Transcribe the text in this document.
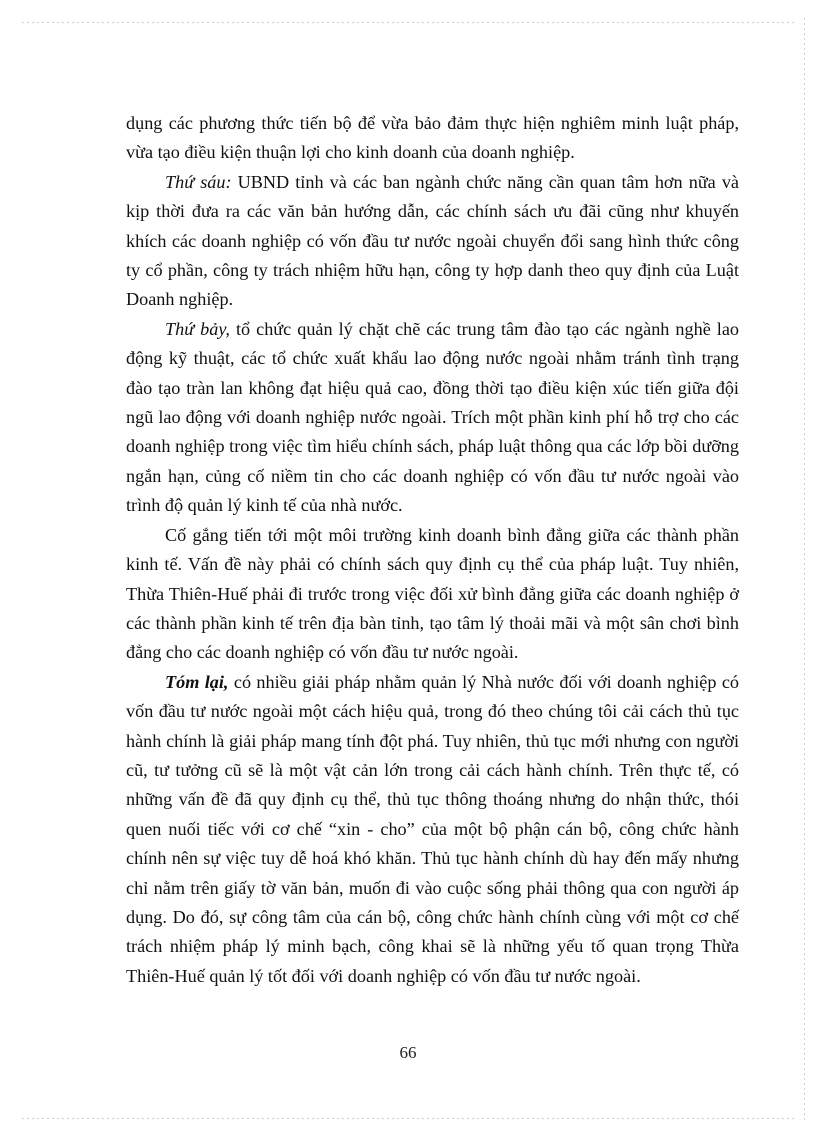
dụng các phương thức tiến bộ để vừa bảo đảm thực hiện nghiêm minh luật pháp, vừa tạo điều kiện thuận lợi cho kinh doanh của doanh nghiệp.

Thứ sáu: UBND tỉnh và các ban ngành chức năng cần quan tâm hơn nữa và kịp thời đưa ra các văn bản hướng dẫn, các chính sách ưu đãi cũng như khuyến khích các doanh nghiệp có vốn đầu tư nước ngoài chuyển đổi sang hình thức công ty cổ phần, công ty trách nhiệm hữu hạn, công ty hợp danh theo quy định của Luật Doanh nghiệp.

Thứ bảy, tổ chức quản lý chặt chẽ các trung tâm đào tạo các ngành nghề lao động kỹ thuật, các tổ chức xuất khẩu lao động nước ngoài nhằm tránh tình trạng đào tạo tràn lan không đạt hiệu quả cao, đồng thời tạo điều kiện xúc tiến giữa đội ngũ lao động với doanh nghiệp nước ngoài. Trích một phần kinh phí hỗ trợ cho các doanh nghiệp trong việc tìm hiểu chính sách, pháp luật thông qua các lớp bồi dưỡng ngắn hạn, củng cố niềm tin cho các doanh nghiệp có vốn đầu tư nước ngoài vào trình độ quản lý kinh tế của nhà nước.

Cố gắng tiến tới một môi trường kinh doanh bình đẳng giữa các thành phần kinh tế. Vấn đề này phải có chính sách quy định cụ thể của pháp luật. Tuy nhiên, Thừa Thiên-Huế phải đi trước trong việc đối xử bình đẳng giữa các doanh nghiệp ở các thành phần kinh tế trên địa bàn tỉnh, tạo tâm lý thoải mãi và một sân chơi bình đẳng cho các doanh nghiệp có vốn đầu tư nước ngoài.

Tóm lại, có nhiều giải pháp nhằm quản lý Nhà nước đối với doanh nghiệp có vốn đầu tư nước ngoài một cách hiệu quả, trong đó theo chúng tôi cải cách thủ tục hành chính là giải pháp mang tính đột phá. Tuy nhiên, thủ tục mới nhưng con người cũ, tư tưởng cũ sẽ là một vật cản lớn trong cải cách hành chính. Trên thực tế, có những vấn đề đã quy định cụ thể, thủ tục thông thoáng nhưng do nhận thức, thói quen nuối tiếc với cơ chế “xin - cho” của một bộ phận cán bộ, công chức hành chính nên sự việc tuy dễ hoá khó khăn. Thủ tục hành chính dù hay đến mấy nhưng chỉ nằm trên giấy tờ văn bản, muốn đi vào cuộc sống phải thông qua con người áp dụng. Do đó, sự công tâm của cán bộ, công chức hành chính cùng với một cơ chế trách nhiệm pháp lý minh bạch, công khai sẽ là những yếu tố quan trọng Thừa Thiên-Huế quản lý tốt đối với doanh nghiệp có vốn đầu tư nước ngoài.

66
